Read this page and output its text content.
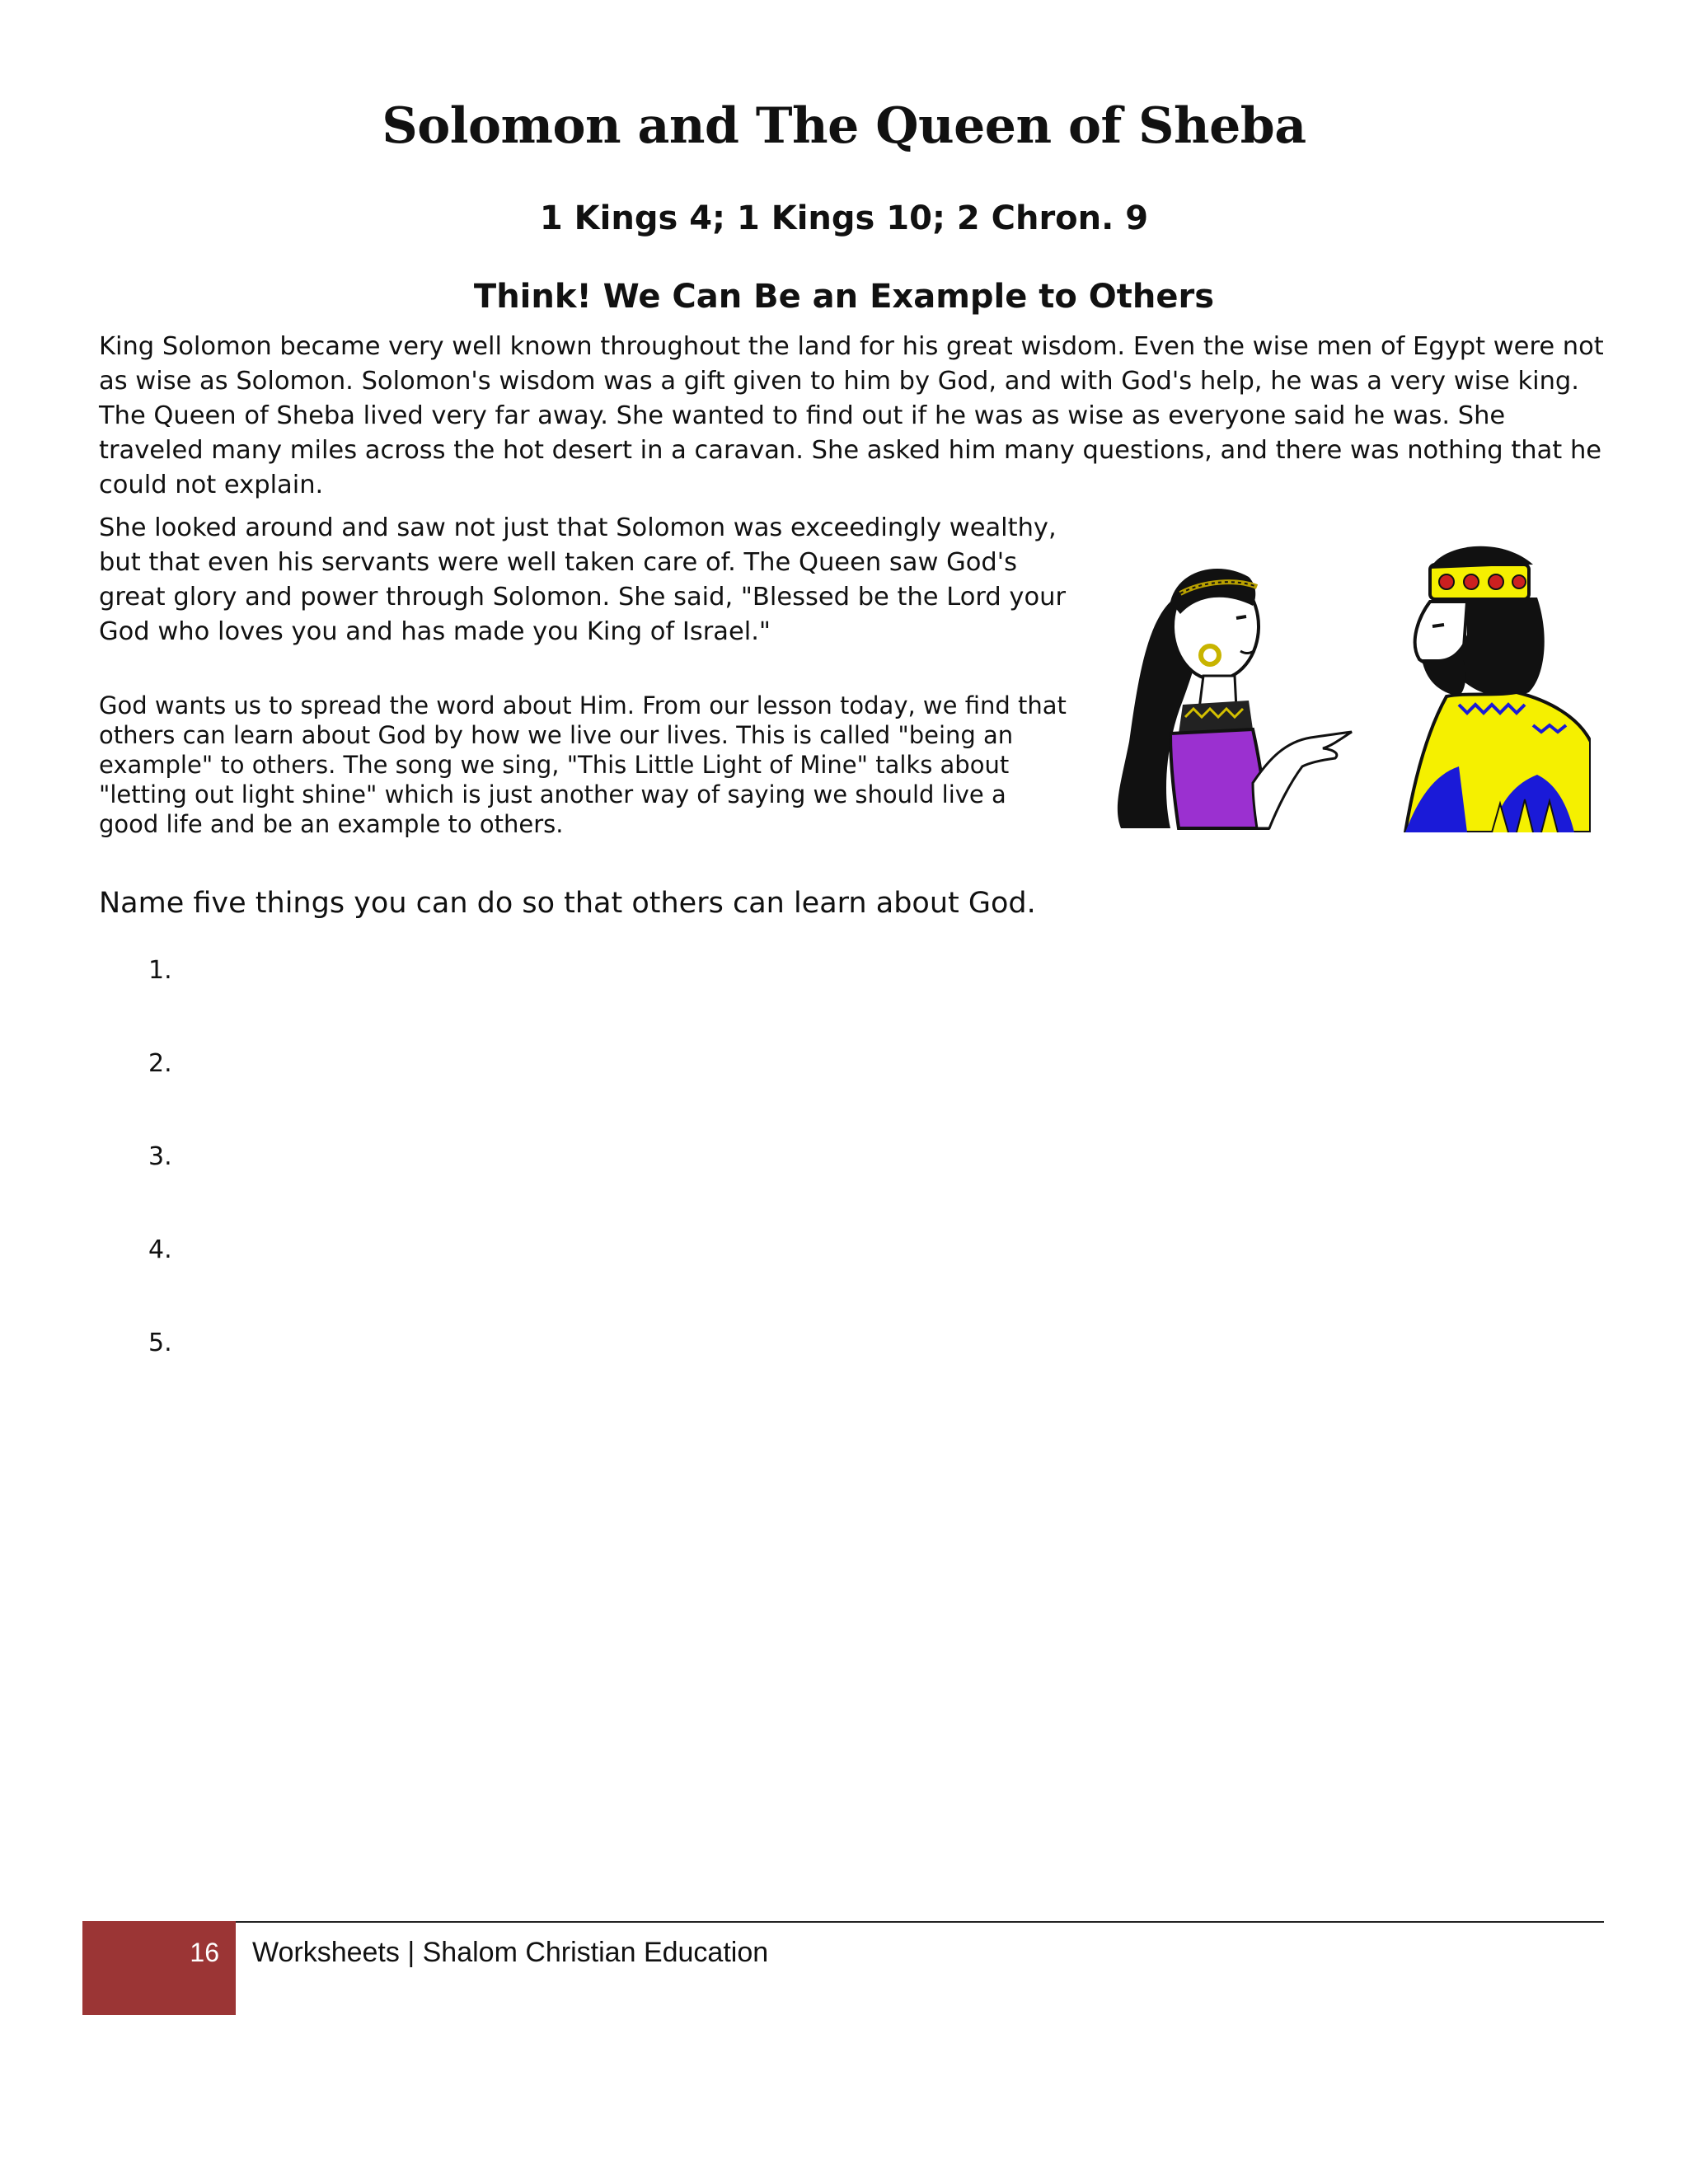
Solomon and The Queen of Sheba
1 Kings 4; 1 Kings 10; 2 Chron. 9
Think! We Can Be an Example to Others

King Solomon became very well known throughout the land for his great wisdom. Even the wise men of Egypt were not as wise as Solomon. Solomon's wisdom was a gift given to him by God, and with God's help, he was a very wise king. The Queen of Sheba lived very far away. She wanted to find out if he was as wise as everyone said he was. She traveled many miles across the hot desert in a caravan. She asked him many questions, and there was nothing that he could not explain.

She looked around and saw not just that Solomon was exceedingly wealthy, but that even his servants were well taken care of. The Queen saw God's great glory and power through Solomon. She said, "Blessed be the Lord your God who loves you and has made you King of Israel."

God wants us to spread the word about Him. From our lesson today, we find that others can learn about God by how we live our lives. This is called "being an example" to others. The song we sing, "This Little Light of Mine" talks about "letting out light shine" which is just another way of saying we should live a good life and be an example to others.

Name five things you can do so that others can learn about God.

1.
2.
3.
4.
5.
16 Worksheets | Shalom Christian Education
